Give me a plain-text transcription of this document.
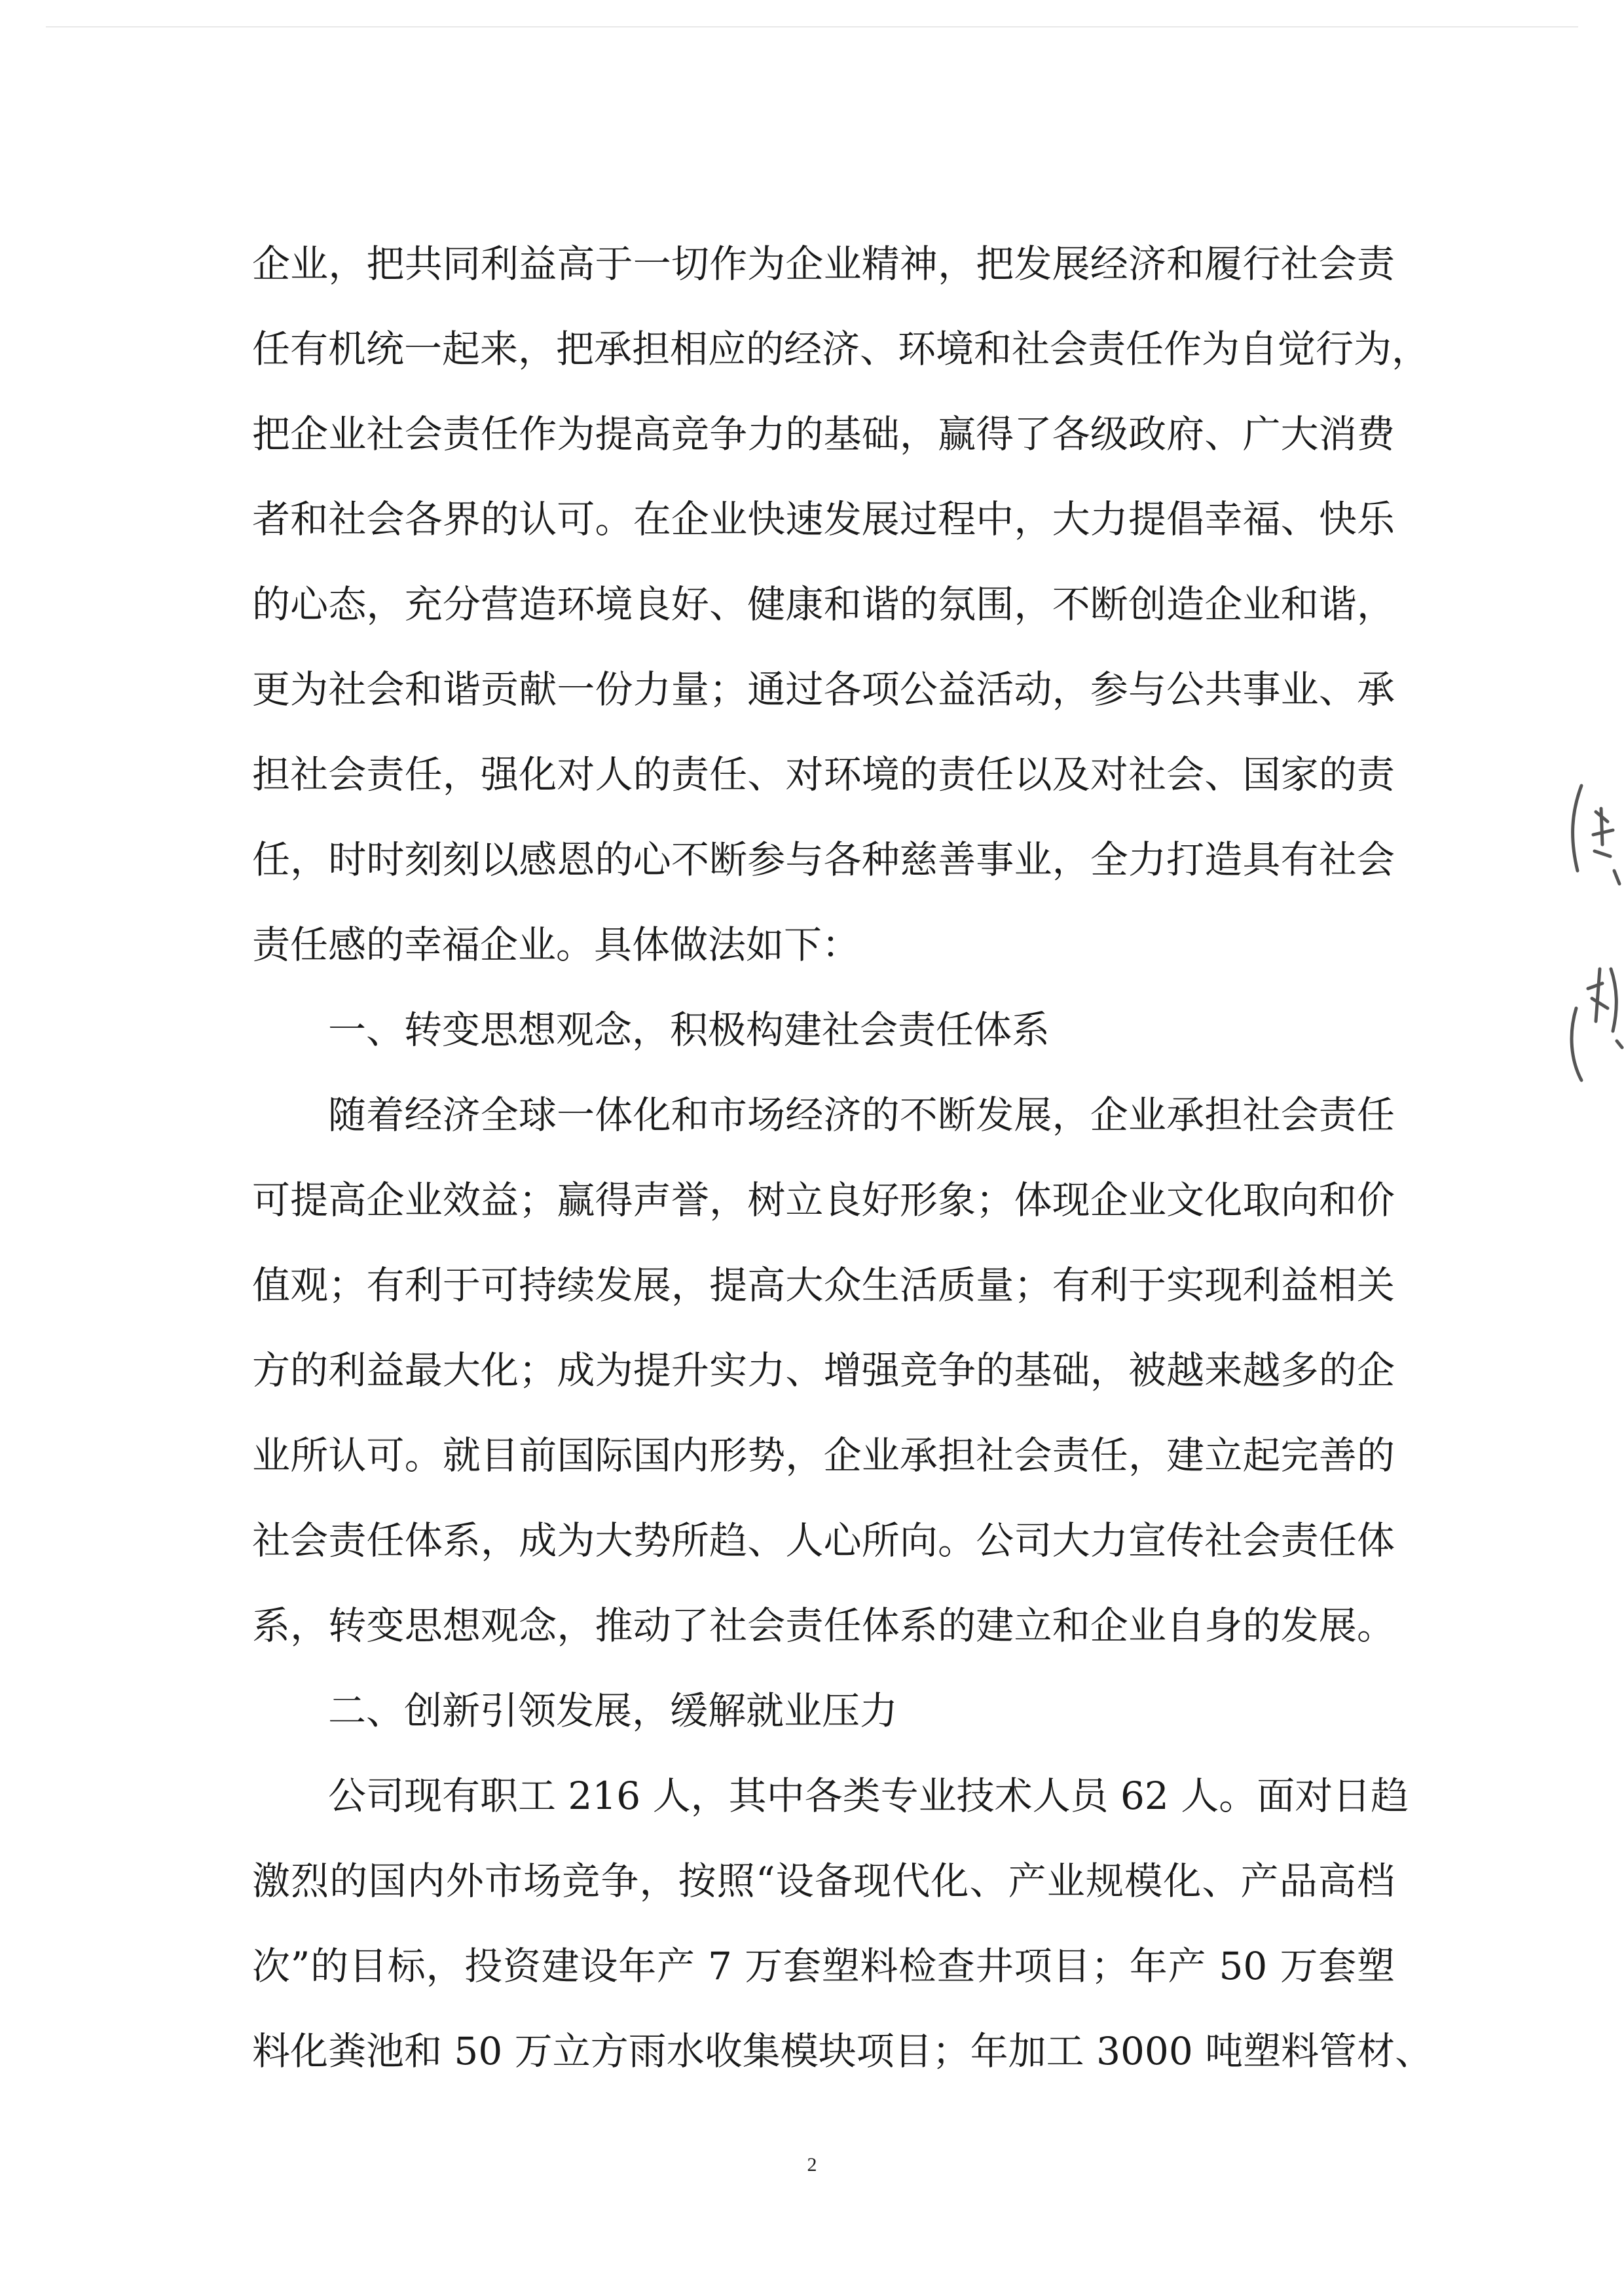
企业，把共同利益高于一切作为企业精神，把发展经济和履行社会责
任有机统一起来，把承担相应的经济、环境和社会责任作为自觉行为，
把企业社会责任作为提高竞争力的基础，赢得了各级政府、广大消费
者和社会各界的认可。在企业快速发展过程中，大力提倡幸福、快乐
的心态，充分营造环境良好、健康和谐的氛围，不断创造企业和谐，
更为社会和谐贡献一份力量；通过各项公益活动，参与公共事业、承
担社会责任，强化对人的责任、对环境的责任以及对社会、国家的责
任，时时刻刻以感恩的心不断参与各种慈善事业，全力打造具有社会
责任感的幸福企业。具体做法如下：
一、转变思想观念，积极构建社会责任体系
随着经济全球一体化和市场经济的不断发展，企业承担社会责任
可提高企业效益；赢得声誉，树立良好形象；体现企业文化取向和价
值观；有利于可持续发展，提高大众生活质量；有利于实现利益相关
方的利益最大化；成为提升实力、增强竞争的基础，被越来越多的企
业所认可。就目前国际国内形势，企业承担社会责任，建立起完善的
社会责任体系，成为大势所趋、人心所向。公司大力宣传社会责任体
系，转变思想观念，推动了社会责任体系的建立和企业自身的发展。
二、创新引领发展，缓解就业压力
公司现有职工 216 人，其中各类专业技术人员 62 人。面对日趋
激烈的国内外市场竞争，按照“设备现代化、产业规模化、产品高档
次”的目标，投资建设年产 7 万套塑料检查井项目；年产 50 万套塑
料化粪池和 50 万立方雨水收集模块项目；年加工 3000 吨塑料管材、
2
